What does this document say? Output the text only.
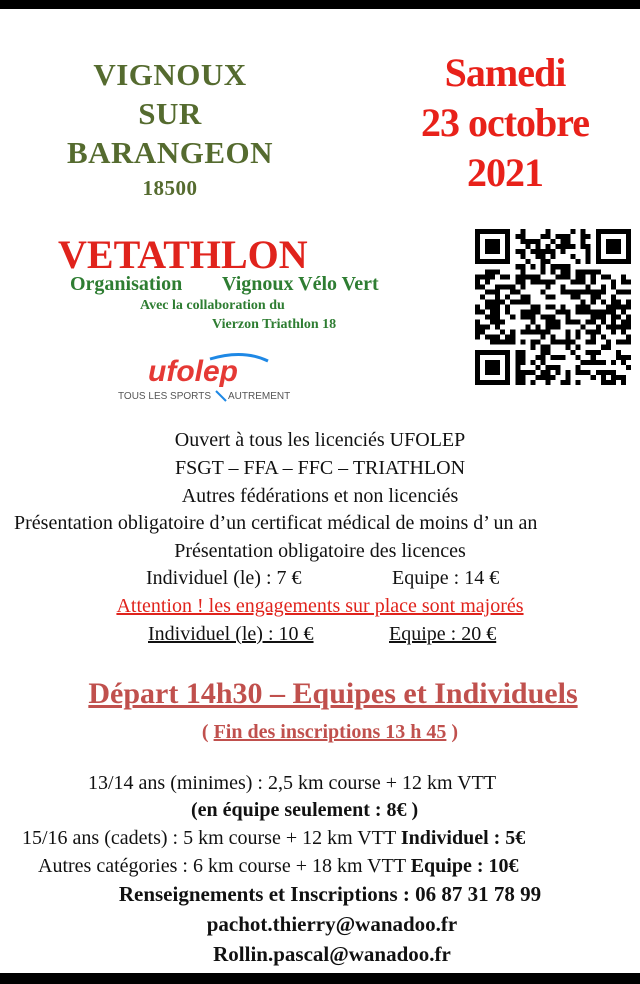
VIGNOUX
SUR
BARANGEON
18500
Samedi
23 octobre
2021
VETATHLON
Organisation Vignoux Vélo Vert
Avec la collaboration du
Vierzon Triathlon 18
ufolep
TOUS LES SPORTS AUTREMENT
Ouvert à tous les licenciés UFOLEP
FSGT – FFA – FFC – TRIATHLON
Autres fédérations et non licenciés
Présentation obligatoire d’un certificat médical de moins d’ un an
Présentation obligatoire des licences
Individuel (le) : 7 €	Equipe : 14 €
Attention ! les engagements sur place sont majorés
Individuel (le) : 10 €	Equipe : 20 €
Départ 14h30 – Equipes et Individuels
( Fin des inscriptions 13 h 45 )
13/14 ans (minimes) : 2,5 km course + 12 km VTT
(en équipe seulement : 8€ )
15/16 ans (cadets) : 5 km course + 12 km VTT Individuel : 5€
Autres catégories : 6 km course + 18 km VTT Equipe : 10€
Renseignements et Inscriptions : 06 87 31 78 99
pachot.thierry@wanadoo.fr
Rollin.pascal@wanadoo.fr
